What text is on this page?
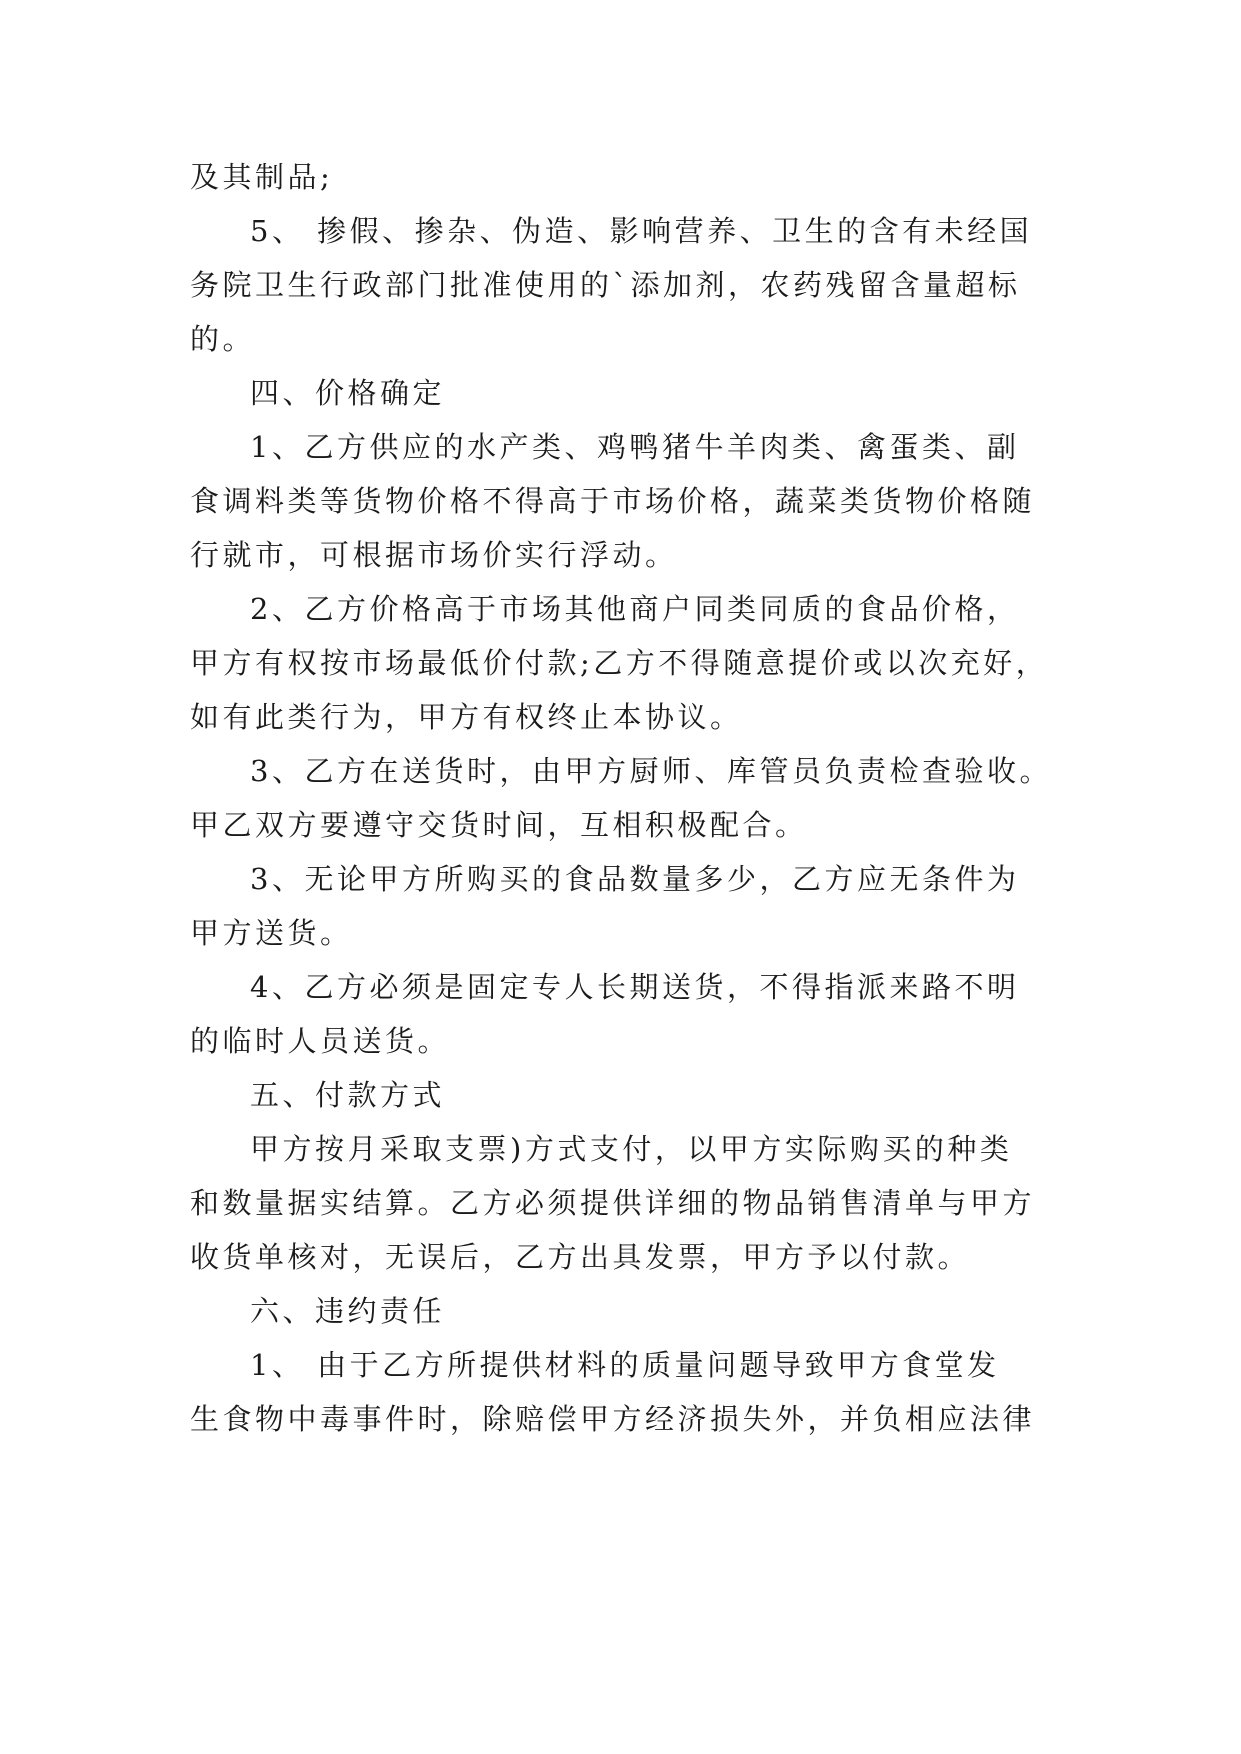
及其制品;
5、 掺假、掺杂、伪造、影响营养、卫生的含有未经国
务院卫生行政部门批准使用的`添加剂，农药残留含量超标
的。
四、价格确定
1、乙方供应的水产类、鸡鸭猪牛羊肉类、禽蛋类、副
食调料类等货物价格不得高于市场价格，蔬菜类货物价格随
行就市，可根据市场价实行浮动。
2、乙方价格高于市场其他商户同类同质的食品价格，
甲方有权按市场最低价付款;乙方不得随意提价或以次充好，
如有此类行为，甲方有权终止本协议。
3、乙方在送货时，由甲方厨师、库管员负责检查验收。
甲乙双方要遵守交货时间，互相积极配合。
3、无论甲方所购买的食品数量多少，乙方应无条件为
甲方送货。
4、乙方必须是固定专人长期送货，不得指派来路不明
的临时人员送货。
五、付款方式
甲方按月采取支票)方式支付，以甲方实际购买的种类
和数量据实结算。乙方必须提供详细的物品销售清单与甲方
收货单核对，无误后，乙方出具发票，甲方予以付款。
六、违约责任
1、 由于乙方所提供材料的质量问题导致甲方食堂发
生食物中毒事件时，除赔偿甲方经济损失外，并负相应法律
